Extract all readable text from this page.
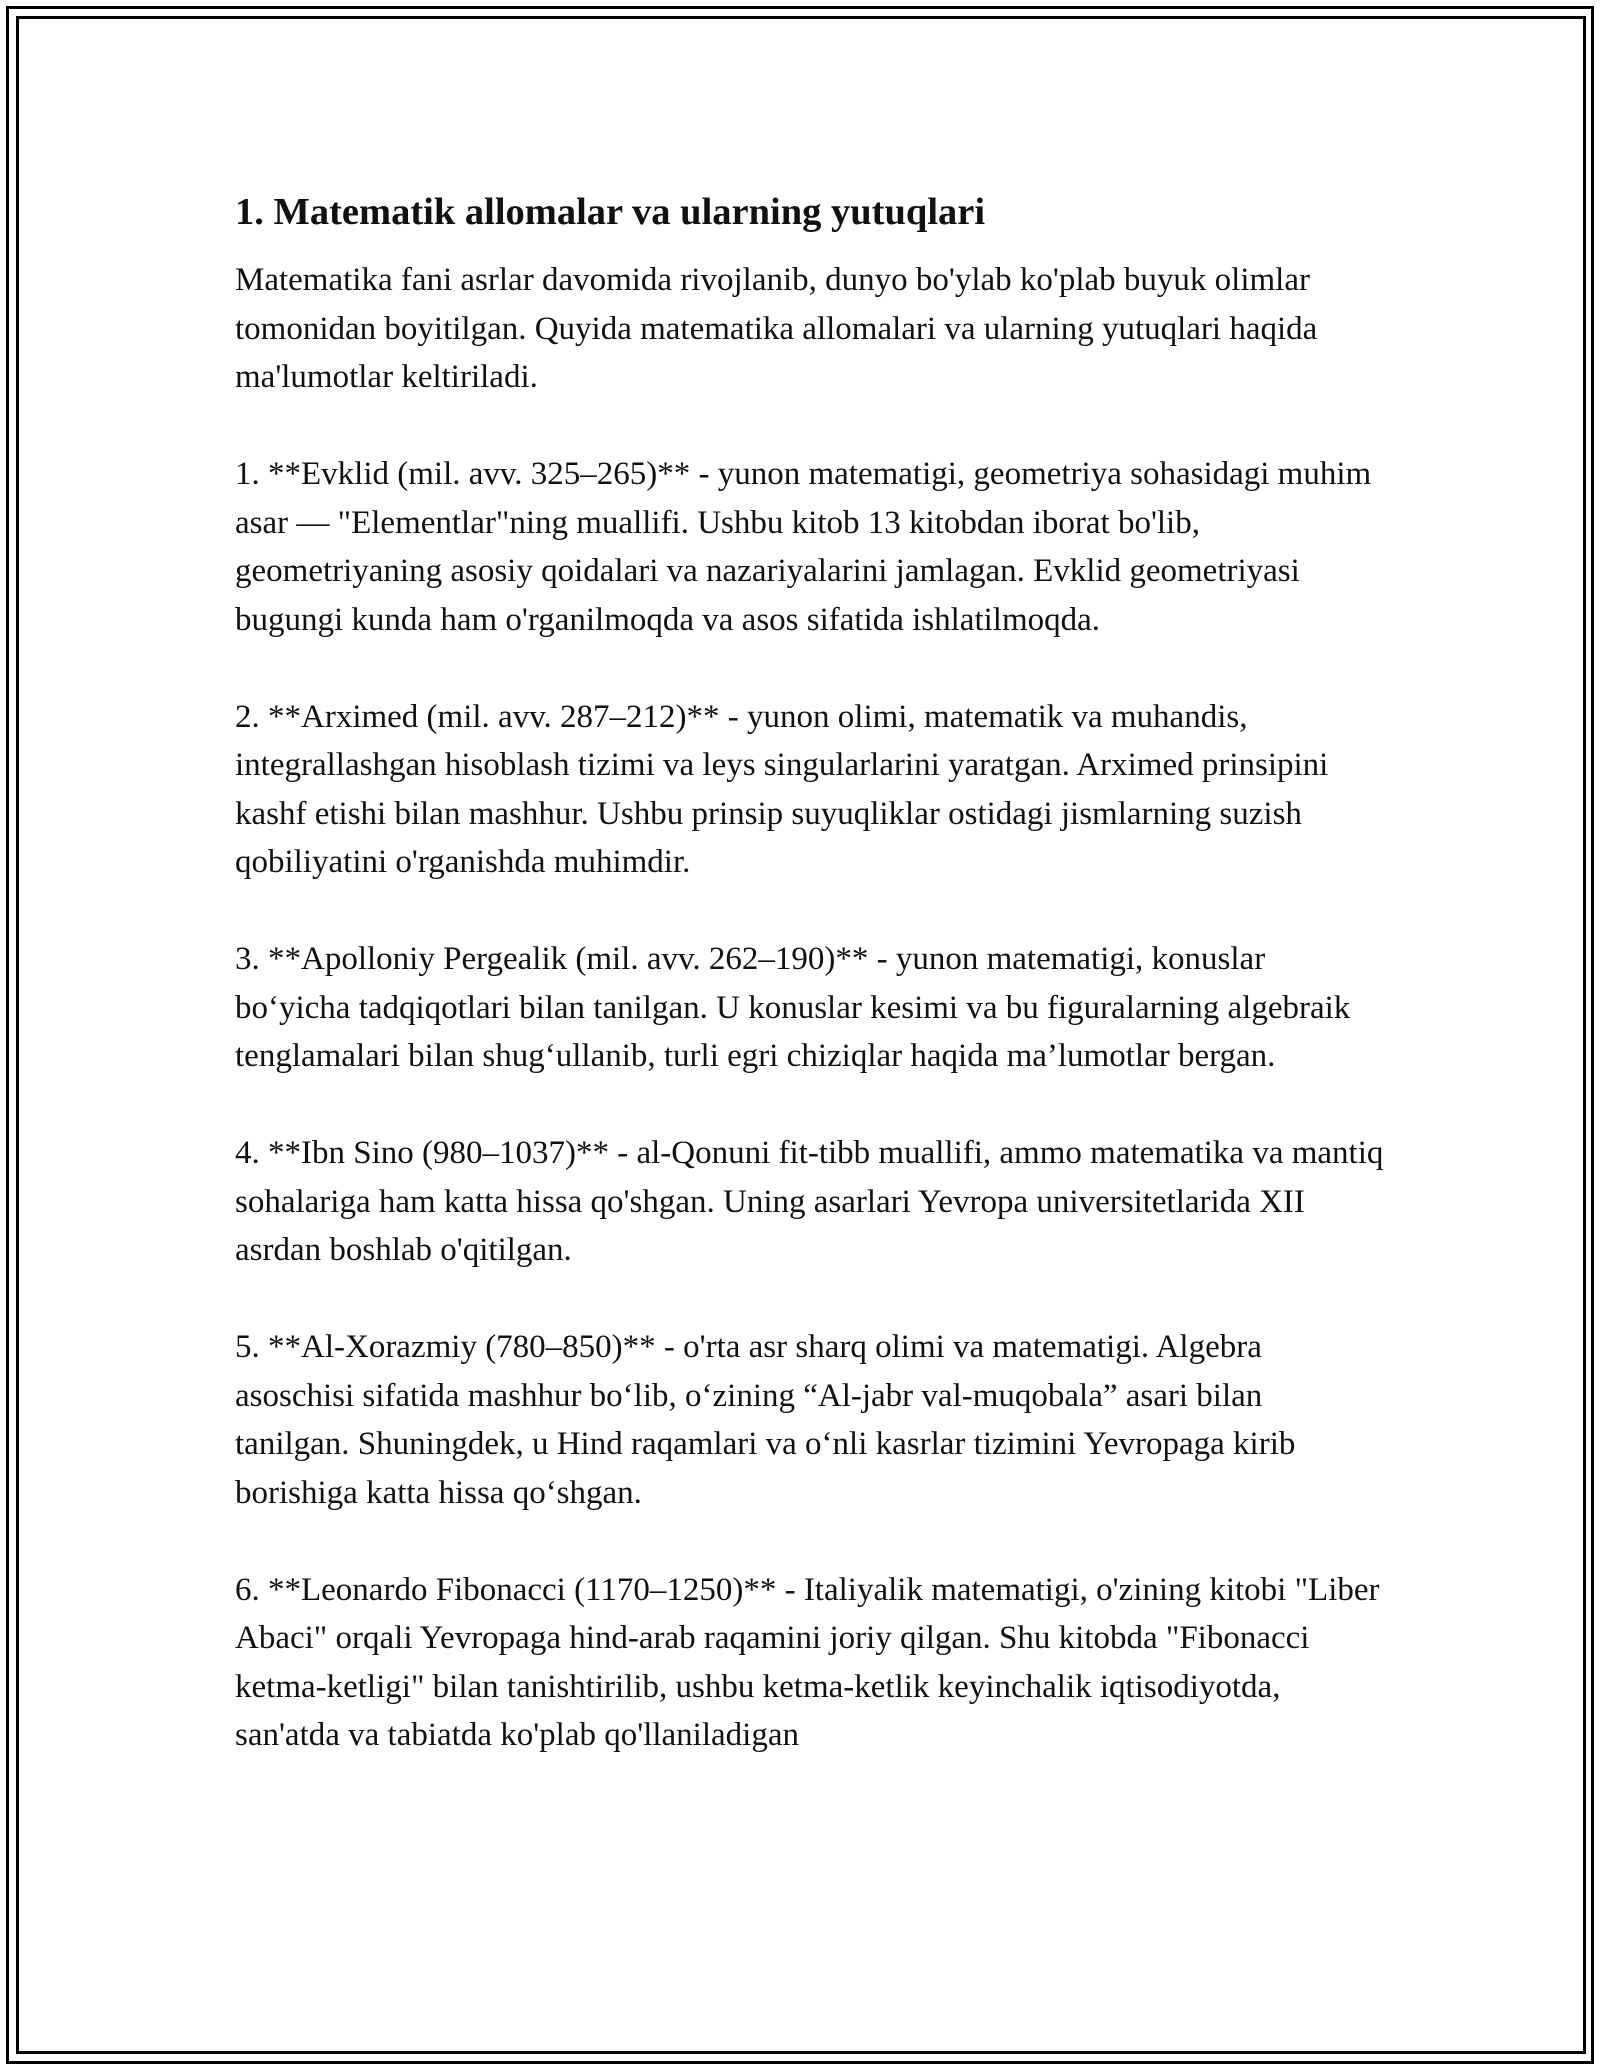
1. Matematik allomalar va ularning yutuqlari

Matematika fani asrlar davomida rivojlanib, dunyo bo'ylab ko'plab buyuk olimlar tomonidan boyitilgan. Quyida matematika allomalari va ularning yutuqlari haqida ma'lumotlar keltiriladi.

1. **Evklid (mil. avv. 325–265)** - yunon matematigi, geometriya sohasidagi muhim asar — "Elementlar"ning muallifi. Ushbu kitob 13 kitobdan iborat bo'lib, geometriyaning asosiy qoidalari va nazariyalarini jamlagan. Evklid geometriyasi bugungi kunda ham o'rganilmoqda va asos sifatida ishlatilmoqda.

2. **Arximed (mil. avv. 287–212)** - yunon olimi, matematik va muhandis, integrallashgan hisoblash tizimi va leys singularlarini yaratgan. Arximed prinsipini kashf etishi bilan mashhur. Ushbu prinsip suyuqliklar ostidagi jismlarning suzish qobiliyatini o'rganishda muhimdir.

3. **Apolloniy Pergealik (mil. avv. 262–190)** - yunon matematigi, konuslar bo‘yicha tadqiqotlari bilan tanilgan. U konuslar kesimi va bu figuralarning algebraik tenglamalari bilan shug‘ullanib, turli egri chiziqlar haqida ma’lumotlar bergan.

4. **Ibn Sino (980–1037)** - al-Qonuni fit-tibb muallifi, ammo matematika va mantiq sohalariga ham katta hissa qo'shgan. Uning asarlari Yevropa universitetlarida XII asrdan boshlab o'qitilgan.

5. **Al-Xorazmiy (780–850)** - o'rta asr sharq olimi va matematigi. Algebra asoschisi sifatida mashhur bo‘lib, o‘zining “Al-jabr val-muqobala” asari bilan tanilgan. Shuningdek, u Hind raqamlari va o‘nli kasrlar tizimini Yevropaga kirib borishiga katta hissa qo‘shgan.

6. **Leonardo Fibonacci (1170–1250)** - Italiyalik matematigi, o'zining kitobi "Liber Abaci" orqali Yevropaga hind-arab raqamini joriy qilgan. Shu kitobda "Fibonacci ketma-ketligi" bilan tanishtirilib, ushbu ketma-ketlik keyinchalik iqtisodiyotda, san'atda va tabiatda ko'plab qo'llaniladigan
